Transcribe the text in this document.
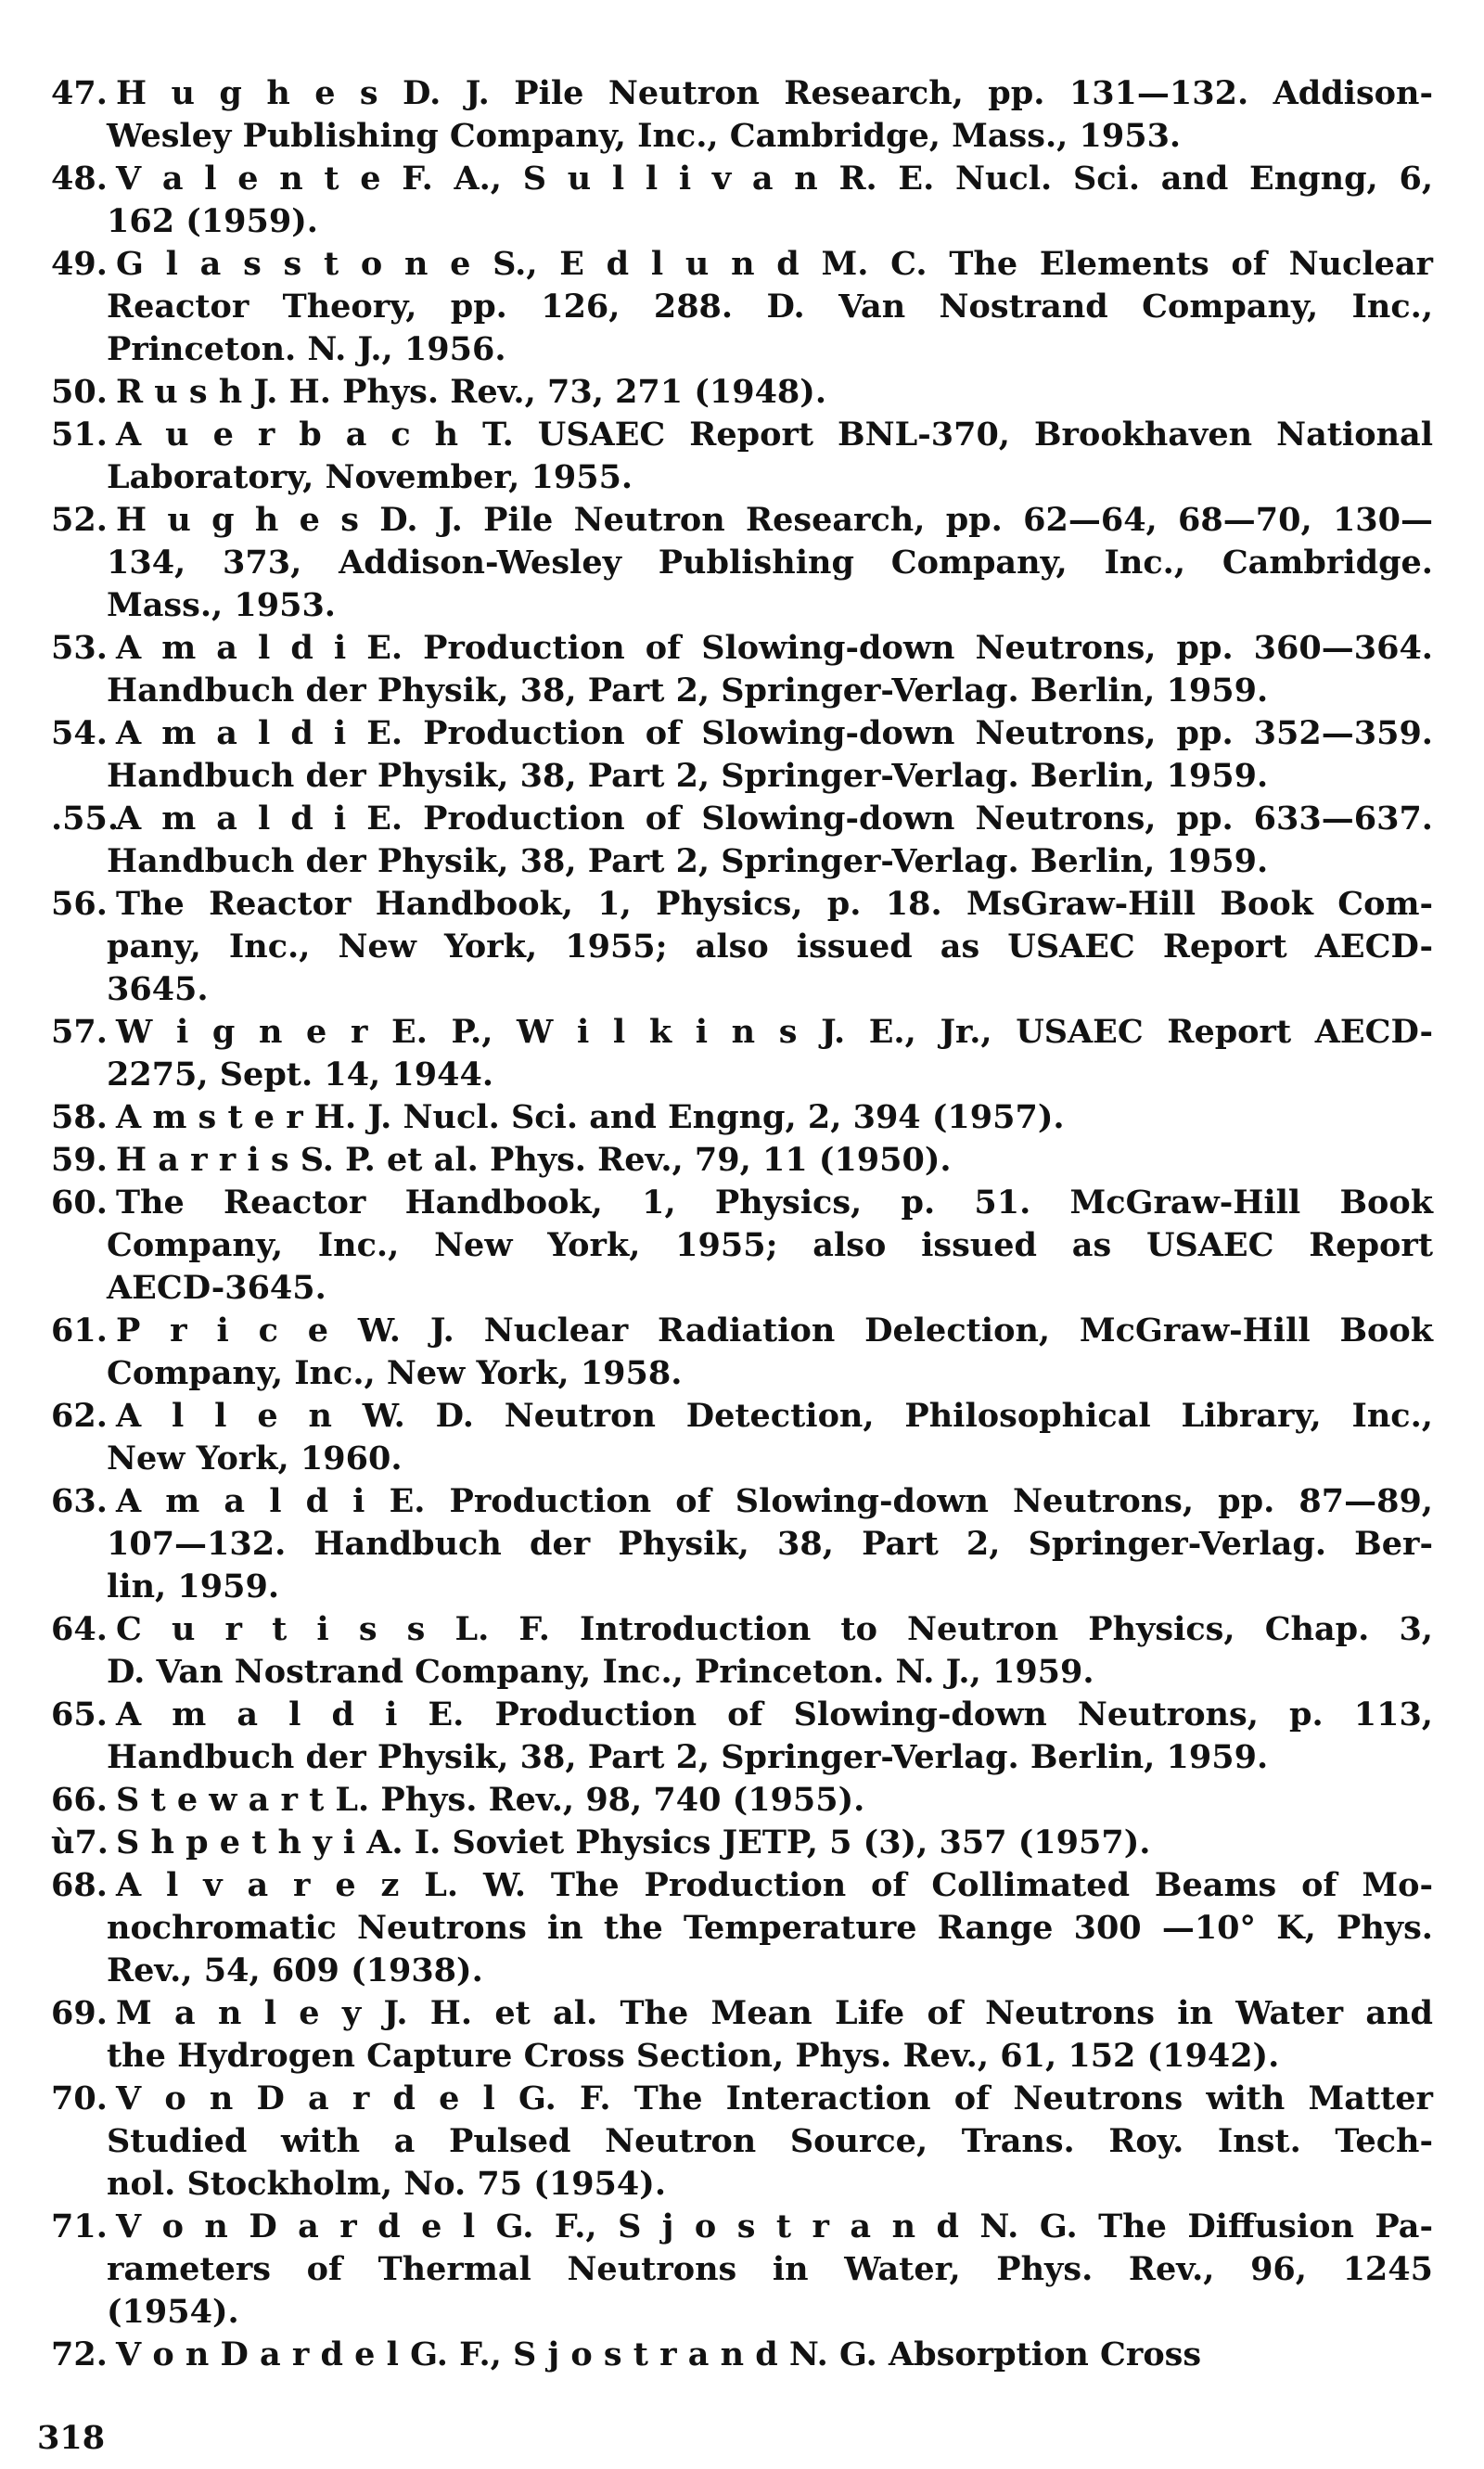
47. H u g h e s D. J. Pile Neutron Research, pp. 131—132. Addison-
Wesley Publishing Company, Inc., Cambridge, Mass., 1953.
48. V a l e n t e F. A., S u l l i v a n R. E. Nucl. Sci. and Engng, 6,
162 (1959).
49. G l a s s t o n e S., E d l u n d M. C. The Elements of Nuclear
Reactor Theory, pp. 126, 288. D. Van Nostrand Company, Inc.,
Princeton. N. J., 1956.
50. R u s h J. H. Phys. Rev., 73, 271 (1948).
51. A u e r b a c h T. USAEC Report BNL-370, Brookhaven National
Laboratory, November, 1955.
52. H u g h e s D. J. Pile Neutron Research, pp. 62—64, 68—70, 130—
134, 373, Addison-Wesley Publishing Company, Inc., Cambridge.
Mass., 1953.
53. A m a l d i E. Production of Slowing-down Neutrons, pp. 360—364.
Handbuch der Physik, 38, Part 2, Springer-Verlag. Berlin, 1959.
54. A m a l d i E. Production of Slowing-down Neutrons, pp. 352—359.
Handbuch der Physik, 38, Part 2, Springer-Verlag. Berlin, 1959.
.55.
A m a l d i E. Production of Slowing-down Neutrons, pp. 633—637.
Handbuch der Physik, 38, Part 2, Springer-Verlag. Berlin, 1959.
56. The Reactor Handbook, 1, Physics, p. 18. MsGraw-Hill Book Com-
pany, Inc., New York, 1955; also issued as USAEC Report AECD-
3645.
57. W i g n e r E. P., W i l k i n s J. E., Jr., USAEC Report AECD-
2275, Sept. 14, 1944.
58. A m s t e r H. J. Nucl. Sci. and Engng, 2, 394 (1957).
59. H a r r i s S. P. et al. Phys. Rev., 79, 11 (1950).
60. The Reactor Handbook, 1, Physics, p. 51. McGraw-Hill Book
Company, Inc., New York, 1955; also issued as USAEC Report
AECD-3645.
61. P r i c e W. J. Nuclear Radiation Delection, McGraw-Hill Book
Company, Inc., New York, 1958.
62. A l l e n W. D. Neutron Detection, Philosophical Library, Inc.,
New York, 1960.
63. A m a l d i E. Production of Slowing-down Neutrons, pp. 87—89,
107—132. Handbuch der Physik, 38, Part 2, Springer-Verlag. Ber-
lin, 1959.
64. C u r t i s s L. F. Introduction to Neutron Physics, Chap. 3,
D. Van Nostrand Company, Inc., Princeton. N. J., 1959.
65. A m a l d i E. Production of Slowing-down Neutrons, p. 113,
Handbuch der Physik, 38, Part 2, Springer-Verlag. Berlin, 1959.
66. S t e w a r t L. Phys. Rev., 98, 740 (1955).
ù7. S h p e t h y i A. I. Soviet Physics JETP, 5 (3), 357 (1957).
68. A l v a r e z L. W. The Production of Collimated Beams of Mo-
nochromatic Neutrons in the Temperature Range 300 —10° K, Phys.
Rev., 54, 609 (1938).
69. M a n l e y J. H. et al. The Mean Life of Neutrons in Water and
the Hydrogen Capture Cross Section, Phys. Rev., 61, 152 (1942).
70. V o n D a r d e l G. F. The Interaction of Neutrons with Matter
Studied with a Pulsed Neutron Source, Trans. Roy. Inst. Tech-
nol. Stockholm, No. 75 (1954).
71. V o n D a r d e l G. F., S j o s t r a n d N. G. The Diffusion Pa-
rameters of Thermal Neutrons in Water, Phys. Rev., 96, 1245
(1954).
72. V o n D a r d e l G. F., S j o s t r a n d N. G. Absorption Cross
318
